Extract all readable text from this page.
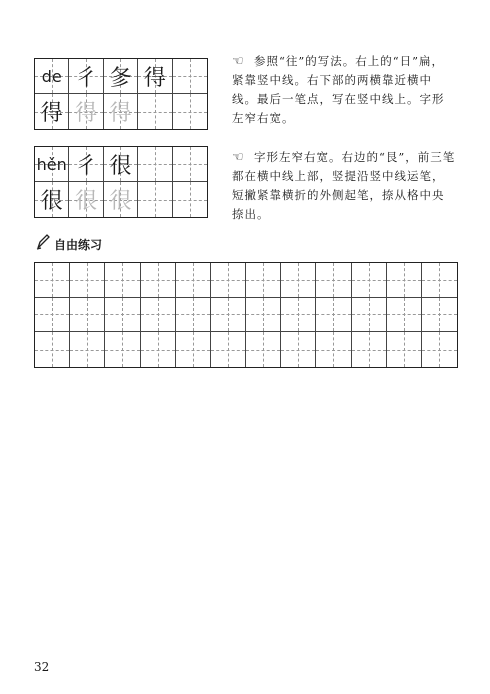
de 彳 㣊 得
得 得 得
☜ 参照“往”的写法。右上的“日”扁，紧靠竖中线。右下部的两横靠近横中线。最后一笔点，写在竖中线上。字形左窄右宽。
hěn 彳 很
很 很 很
☜ 字形左窄右宽。右边的“艮”，前三笔都在横中线上部，竖提沿竖中线运笔，短撇紧靠横折的外侧起笔，捺从格中央捺出。
自由练习
32
